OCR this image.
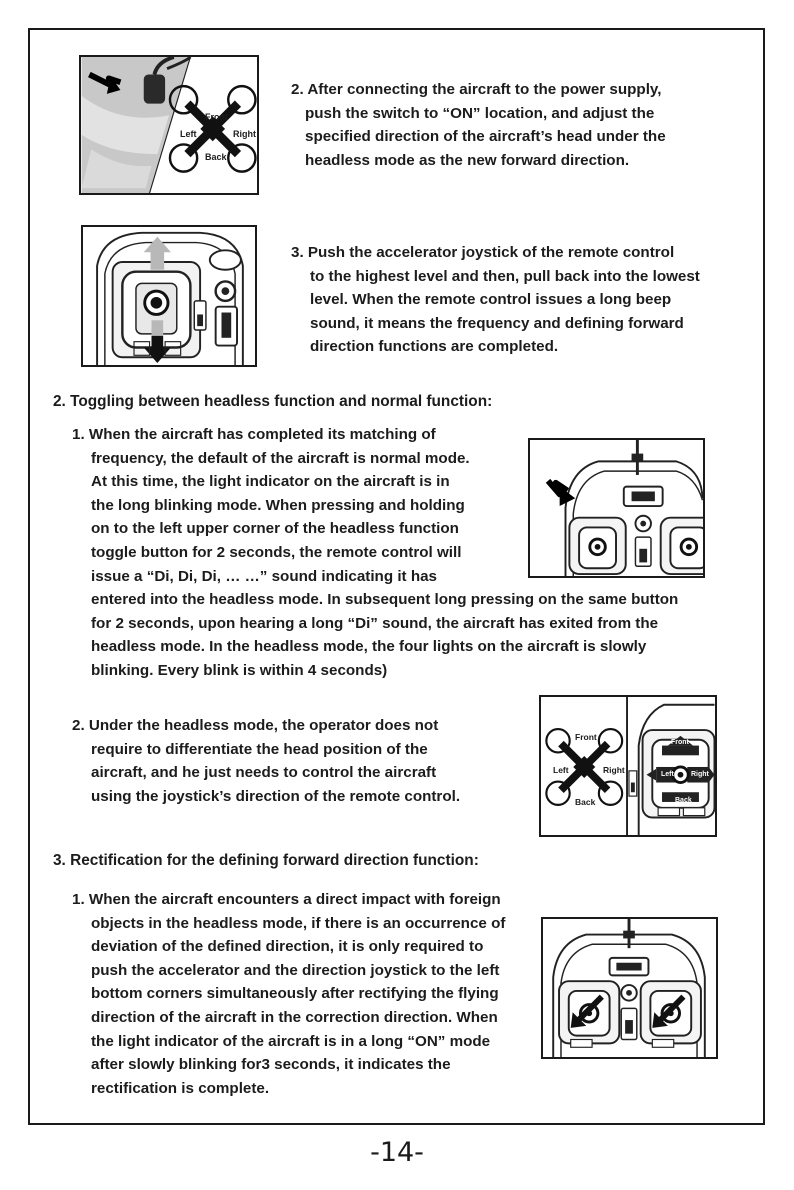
Front
Left	Right
Back
2. After connecting the aircraft to the power supply,
push the switch to “ON” location, and adjust the
specified direction of the aircraft’s head under the
headless mode as the new forward direction.
3. Push the accelerator joystick of the remote control
to the highest level and then, pull back into the lowest
level. When the remote control issues a long beep
sound, it means the frequency and defining forward
direction functions are completed.
2. Toggling between headless function and normal function:
1. When the aircraft has completed its matching of
frequency, the default of the aircraft is normal mode.
At this time, the light indicator on the aircraft is in
the long blinking mode. When pressing and holding
on to the left upper corner of the headless function
toggle button for 2 seconds, the remote control will
issue a “Di, Di, Di, … …” sound indicating it has
entered into the headless mode. In subsequent long pressing on the same button
for 2 seconds, upon hearing a long “Di” sound, the aircraft has exited from the
headless mode. In the headless mode, the four lights on the aircraft is slowly
blinking. Every blink is within 4 seconds)
2. Under the headless mode, the operator does not
require to differentiate the head position of the
aircraft, and he just needs to control the aircraft
using the joystick’s direction of the remote control.
Front
Left	Right
Back
Front
Left Right
Back
3. Rectification for the defining forward direction function:
1. When the aircraft encounters a direct impact with foreign
objects in the headless mode, if there is an occurrence of
deviation of the defined direction, it is only required to
push the accelerator and the direction joystick to the left
bottom corners simultaneously after rectifying the flying
direction of the aircraft in the correction direction. When
the light indicator of the aircraft is in a long “ON” mode
after slowly blinking for3 seconds, it indicates the
rectification is complete.
-14-
